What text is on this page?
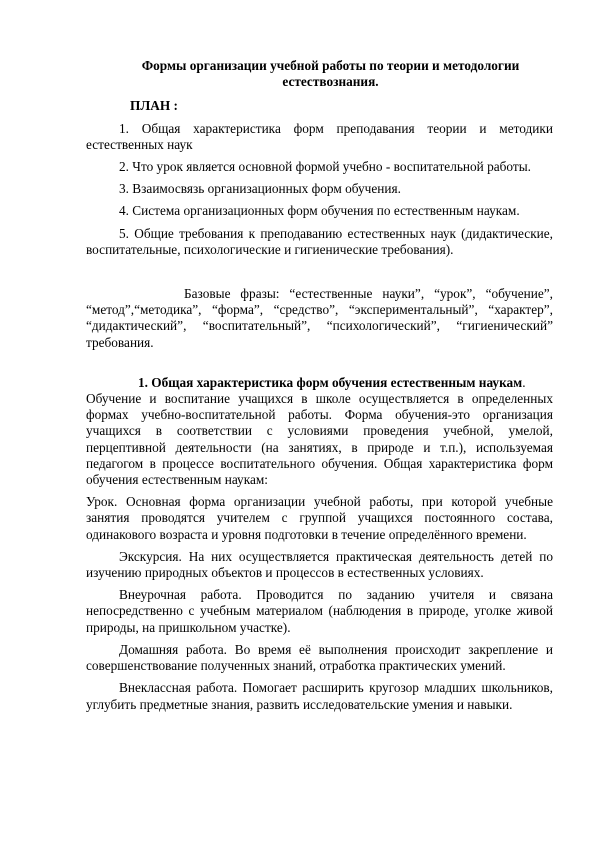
Формы организации учебной работы по теории и методологии естествознания.
ПЛАН :

1. Общая характеристика форм преподавания теории и методики естественных наук

2. Что урок является основной формой учебно - воспитательной работы.

3. Взаимосвязь организационных форм обучения.

4. Система организационных форм обучения по естественным наукам.

5. Общие требования к преподаванию естественных наук (дидактические, воспитательные, психологические и гигиенические требования).

Базовые фразы: “естественные науки”, “урок”, “обучение”, “метод”,“методика”, “форма”, “средство”, “экспериментальный”, “характер”, “дидактический”, “воспитательный”, “психологический”, “гигиенический” требования.

1. Общая характеристика форм обучения естественным наукам.
Обучение и воспитание учащихся в школе осуществляется в определенных формах учебно-воспитательной работы. Форма обучения-это организация учащихся в соответствии с условиями проведения учебной, умелой, перцептивной деятельности (на занятиях, в природе и т.п.), используемая педагогом в процессе воспитательного обучения. Общая характеристика форм обучения естественным наукам:

Урок. Основная форма организации учебной работы, при которой учебные занятия проводятся учителем с группой учащихся постоянного состава, одинакового возраста и уровня подготовки в течение определённого времени.

Экскурсия. На них осуществляется практическая деятельность детей по изучению природных объектов и процессов в естественных условиях.

Внеурочная работа. Проводится по заданию учителя и связана непосредственно с учебным материалом (наблюдения в природе, уголке живой природы, на пришкольном участке).

Домашняя работа. Во время её выполнения происходит закрепление и совершенствование полученных знаний, отработка практических умений.

Внеклассная работа. Помогает расширить кругозор младших школьников, углубить предметные знания, развить исследовательские умения и навыки.
